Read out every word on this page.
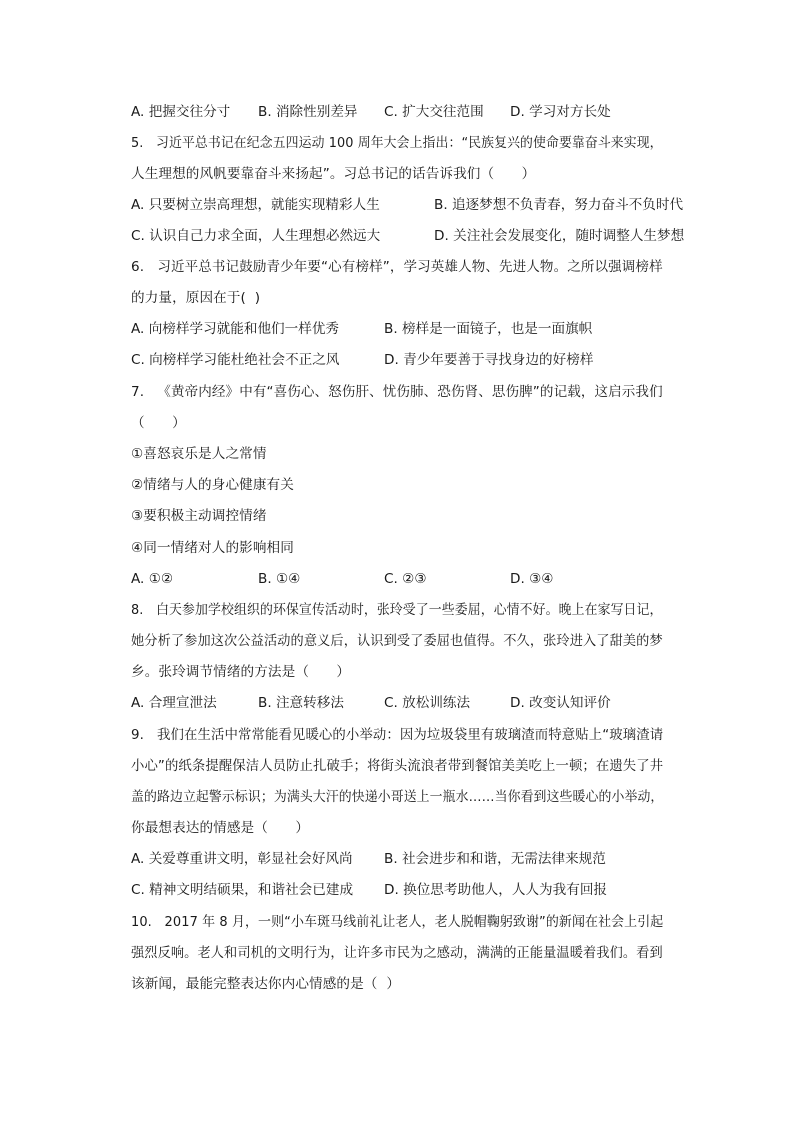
A. 把握交往分寸 B. 消除性别差异 C. 扩大交往范围 D. 学习对方长处
5.   习近平总书记在纪念五四运动 100 周年大会上指出：“民族复兴的使命要靠奋斗来实现，
人生理想的风帆要靠奋斗来扬起”。习总书记的话告诉我们（　　）
A. 只要树立崇高理想，就能实现精彩人生	B. 追逐梦想不负青春，努力奋斗不负时代
C. 认识自己力求全面，人生理想必然远大	D. 关注社会发展变化，随时调整人生梦想
6.   习近平总书记鼓励青少年要“心有榜样”，学习英雄人物、先进人物。之所以强调榜样
的力量，原因在于(  )
A. 向榜样学习就能和他们一样优秀	B. 榜样是一面镜子，也是一面旗帜
C. 向榜样学习能杜绝社会不正之风	D. 青少年要善于寻找身边的好榜样
7.   《黄帝内经》中有“喜伤心、怒伤肝、忧伤肺、恐伤肾、思伤脾”的记载，这启示我们
（　　）
①喜怒哀乐是人之常情
②情绪与人的身心健康有关
③要积极主动调控情绪
④同一情绪对人的影响相同
A. ①②	B. ①④	C. ②③	D. ③④
8.   白天参加学校组织的环保宣传活动时，张玲受了一些委屈，心情不好。晚上在家写日记，
她分析了参加这次公益活动的意义后，认识到受了委屈也值得。不久，张玲进入了甜美的梦
乡。张玲调节情绪的方法是（　　）
A. 合理宣泄法	B. 注意转移法	C. 放松训练法	D. 改变认知评价
9.   我们在生活中常常能看见暖心的小举动：因为垃圾袋里有玻璃渣而特意贴上“玻璃渣请
小心”的纸条提醒保洁人员防止扎破手；将街头流浪者带到餐馆美美吃上一顿；在遗失了井
盖的路边立起警示标识；为满头大汗的快递小哥送上一瓶水……当你看到这些暖心的小举动，
你最想表达的情感是（　　）
A. 关爱尊重讲文明，彰显社会好风尚 B. 社会进步和和谐，无需法律来规范
C. 精神文明结硕果，和谐社会已建成 D. 换位思考助他人，人人为我有回报
10.   2017 年 8 月，一则“小车斑马线前礼让老人，老人脱帽鞠躬致谢”的新闻在社会上引起
强烈反响。老人和司机的文明行为，让许多市民为之感动，满满的正能量温暖着我们。看到
该新闻，最能完整表达你内心情感的是（  ）
